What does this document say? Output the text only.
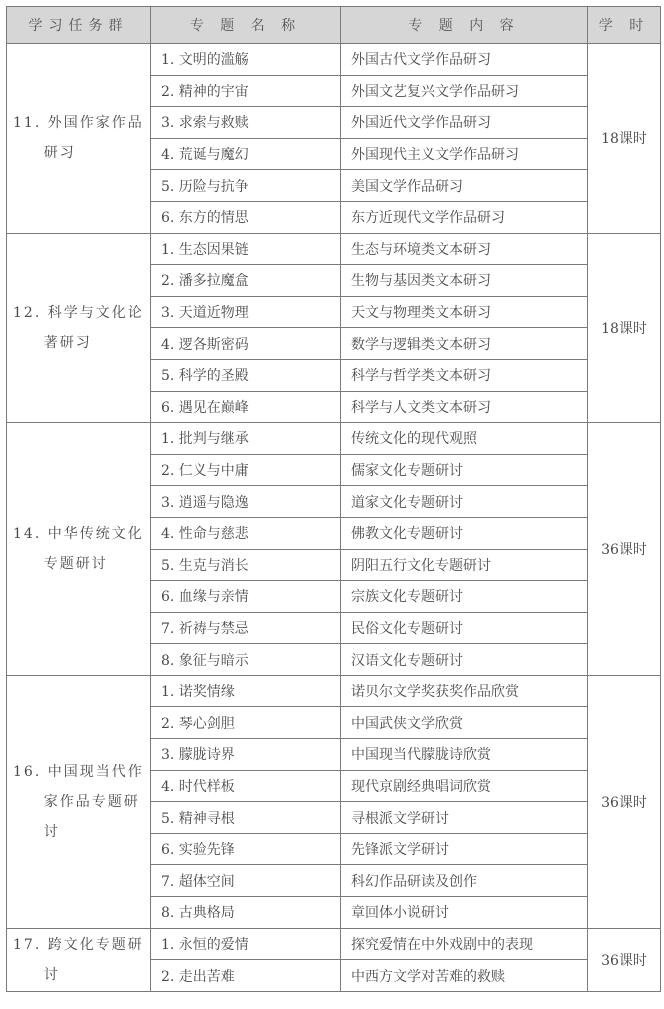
学习任务群	专 题 名 称	专 题 内 容	学 时

11. 外国作家作品研习	1. 文明的滥觞	外国古代文学作品研习	18课时
	2. 精神的宇宙	外国文艺复兴文学作品研习	
	3. 求索与救赎	外国近代文学作品研习	
	4. 荒诞与魔幻	外国现代主义文学作品研习	
	5. 历险与抗争	美国文学作品研习	
	6. 东方的情思	东方近现代文学作品研习	

12. 科学与文化论著研习	1. 生态因果链	生态与环境类文本研习	18课时
	2. 潘多拉魔盒	生物与基因类文本研习	
	3. 天道近物理	天文与物理类文本研习	
	4. 逻各斯密码	数学与逻辑类文本研习	
	5. 科学的圣殿	科学与哲学类文本研习	
	6. 遇见在巅峰	科学与人文类文本研习	

14. 中华传统文化专题研讨	1. 批判与继承	传统文化的现代观照	36课时
	2. 仁义与中庸	儒家文化专题研讨	
	3. 逍遥与隐逸	道家文化专题研讨	
	4. 性命与慈悲	佛教文化专题研讨	
	5. 生克与消长	阴阳五行文化专题研讨	
	6. 血缘与亲情	宗族文化专题研讨	
	7. 祈祷与禁忌	民俗文化专题研讨	
	8. 象征与暗示	汉语文化专题研讨	

16. 中国现当代作家作品专题研讨	1. 诺奖情缘	诺贝尔文学奖获奖作品欣赏	36课时
	2. 琴心剑胆	中国武侠文学欣赏	
	3. 朦胧诗界	中国现当代朦胧诗欣赏	
	4. 时代样板	现代京剧经典唱词欣赏	
	5. 精神寻根	寻根派文学研讨	
	6. 实验先锋	先锋派文学研讨	
	7. 超体空间	科幻作品研读及创作	
	8. 古典格局	章回体小说研讨	

17. 跨文化专题研讨	1. 永恒的爱情	探究爱情在中外戏剧中的表现	36课时
	2. 走出苦难	中西方文学对苦难的救赎	
